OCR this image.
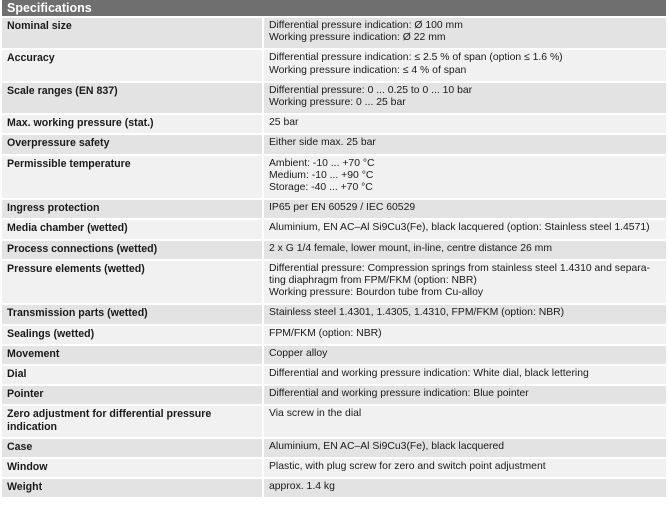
Specifications
Nominal size	Differential pressure indication: Ø 100 mm
Working pressure indication: Ø 22 mm

Accuracy	Differential pressure indication: ≤ 2.5 % of span (option ≤ 1.6 %)
Working pressure indication: ≤ 4 % of span

Scale ranges (EN 837)	Differential pressure: 0 ... 0.25 to 0 ... 10 bar
Working pressure: 0 ... 25 bar

Max. working pressure (stat.)	25 bar

Overpressure safety	Either side max. 25 bar

Permissible temperature	Ambient: -10 ... +70 °C
Medium: -10 ... +90 °C
Storage: -40 ... +70 °C

Ingress protection	IP65 per EN 60529 / IEC 60529

Media chamber (wetted)	Aluminium, EN AC–Al Si9Cu3(Fe), black lacquered (option: Stainless steel 1.4571)

Process connections (wetted)	2 x G 1/4 female, lower mount, in-line, centre distance 26 mm

Pressure elements (wetted)	Differential pressure: Compression springs from stainless steel 1.4310 and separa-
ting diaphragm from FPM/FKM (option: NBR)
Working pressure: Bourdon tube from Cu-alloy

Transmission parts (wetted)	Stainless steel 1.4301, 1.4305, 1.4310, FPM/FKM (option: NBR)

Sealings (wetted)	FPM/FKM (option: NBR)

Movement	Copper alloy

Dial	Differential and working pressure indication: White dial, black lettering

Pointer	Differential and working pressure indication: Blue pointer

Zero adjustment for differential pressure indication	Via screw in the dial

Case	Aluminium, EN AC–Al Si9Cu3(Fe), black lacquered

Window	Plastic, with plug screw for zero and switch point adjustment

Weight	approx. 1.4 kg
